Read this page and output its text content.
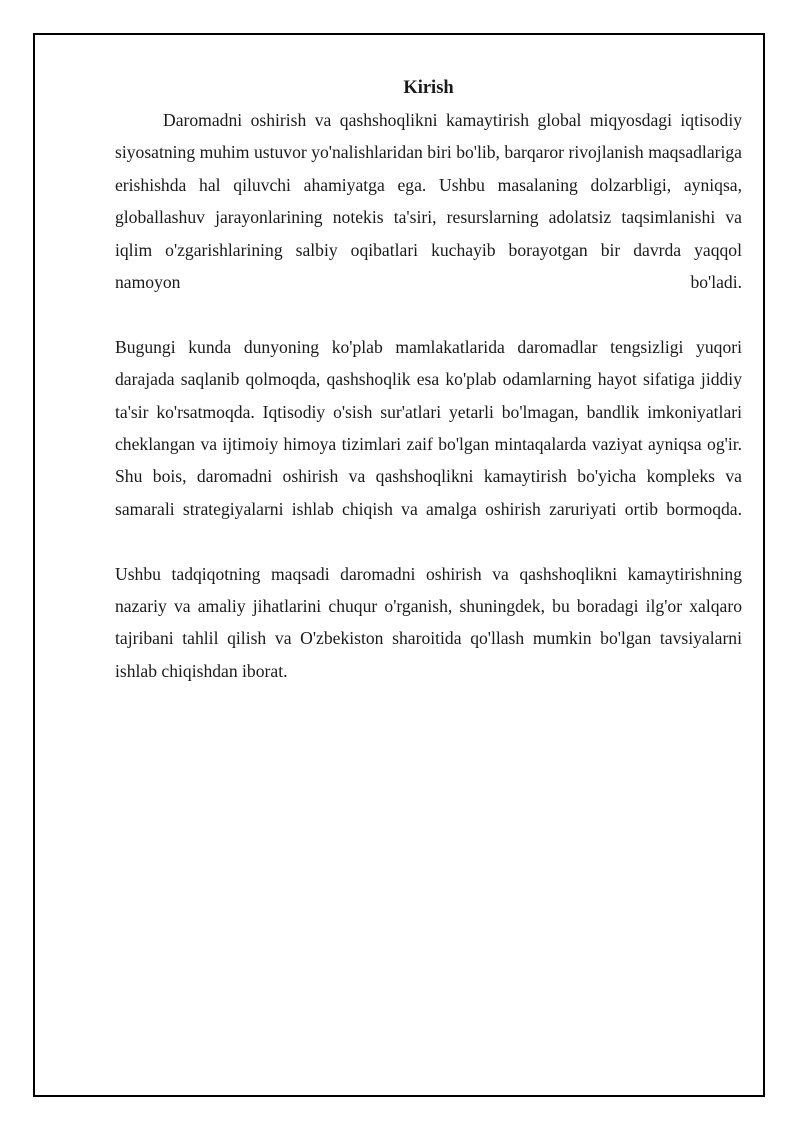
Kirish

Daromadni oshirish va qashshoqlikni kamaytirish global miqyosdagi iqtisodiy siyosatning muhim ustuvor yo'nalishlaridan biri bo'lib, barqaror rivojlanish maqsadlariga erishishda hal qiluvchi ahamiyatga ega. Ushbu masalaning dolzarbligi, ayniqsa, globallashuv jarayonlarining notekis ta'siri, resurslarning adolatsiz taqsimlanishi va iqlim o'zgarishlarining salbiy oqibatlari kuchayib borayotgan bir davrda yaqqol namoyon bo'ladi.

Bugungi kunda dunyoning ko'plab mamlakatlarida daromadlar tengsizligi yuqori darajada saqlanib qolmoqda, qashshoqlik esa ko'plab odamlarning hayot sifatiga jiddiy ta'sir ko'rsatmoqda. Iqtisodiy o'sish sur'atlari yetarli bo'lmagan, bandlik imkoniyatlari cheklangan va ijtimoiy himoya tizimlari zaif bo'lgan mintaqalarda vaziyat ayniqsa og'ir. Shu bois, daromadni oshirish va qashshoqlikni kamaytirish bo'yicha kompleks va samarali strategiyalarni ishlab chiqish va amalga oshirish zaruriyati ortib bormoqda.

Ushbu tadqiqotning maqsadi daromadni oshirish va qashshoqlikni kamaytirishning nazariy va amaliy jihatlarini chuqur o'rganish, shuningdek, bu boradagi ilg'or xalqaro tajribani tahlil qilish va O'zbekiston sharoitida qo'llash mumkin bo'lgan tavsiyalarni ishlab chiqishdan iborat.
